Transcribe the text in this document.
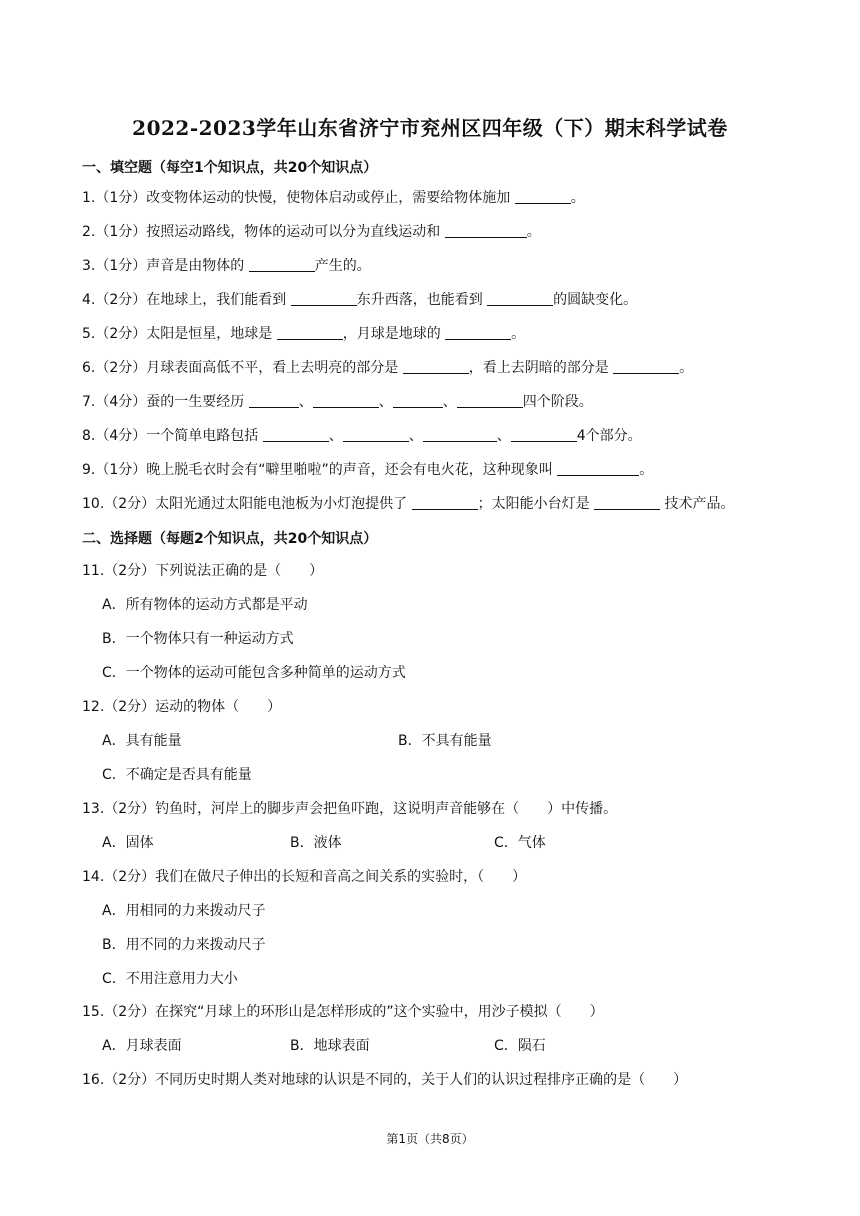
2022-2023学年山东省济宁市兖州区四年级（下）期末科学试卷
一、填空题（每空1个知识点，共20个知识点）
1.（1分）改变物体运动的快慢，使物体启动或停止，需要给物体施加	。
2.（1分）按照运动路线，物体的运动可以分为直线运动和	。
3.（1分）声音是由物体的	产生的。
4.（2分）在地球上，我们能看到	东升西落，也能看到	的圆缺变化。
5.（2分）太阳是恒星，地球是	，月球是地球的	。
6.（2分）月球表面高低不平，看上去明亮的部分是	，看上去阴暗的部分是	。
7.（4分）蚕的一生要经历	、	、	、	四个阶段。
8.（4分）一个简单电路包括	、	、	、	4个部分。
9.（1分）晚上脱毛衣时会有“噼里啪啦”的声音，还会有电火花，这种现象叫	。
10.（2分）太阳光通过太阳能电池板为小灯泡提供了	；太阳能小台灯是	技术产品。
二、选择题（每题2个知识点，共20个知识点）
11.（2分）下列说法正确的是（　　）
A．所有物体的运动方式都是平动
B．一个物体只有一种运动方式
C．一个物体的运动可能包含多种简单的运动方式
12.（2分）运动的物体（　　）
A．具有能量	B．不具有能量
C．不确定是否具有能量
13.（2分）钓鱼时，河岸上的脚步声会把鱼吓跑，这说明声音能够在（　　）中传播。
A．固体	B．液体	C．气体
14.（2分）我们在做尺子伸出的长短和音高之间关系的实验时，（　　）
A．用相同的力来拨动尺子
B．用不同的力来拨动尺子
C．不用注意用力大小
15.（2分）在探究“月球上的环形山是怎样形成的”这个实验中，用沙子模拟（　　）
A．月球表面	B．地球表面	C．陨石
16.（2分）不同历史时期人类对地球的认识是不同的，关于人们的认识过程排序正确的是（　　）
第1页（共8页）
